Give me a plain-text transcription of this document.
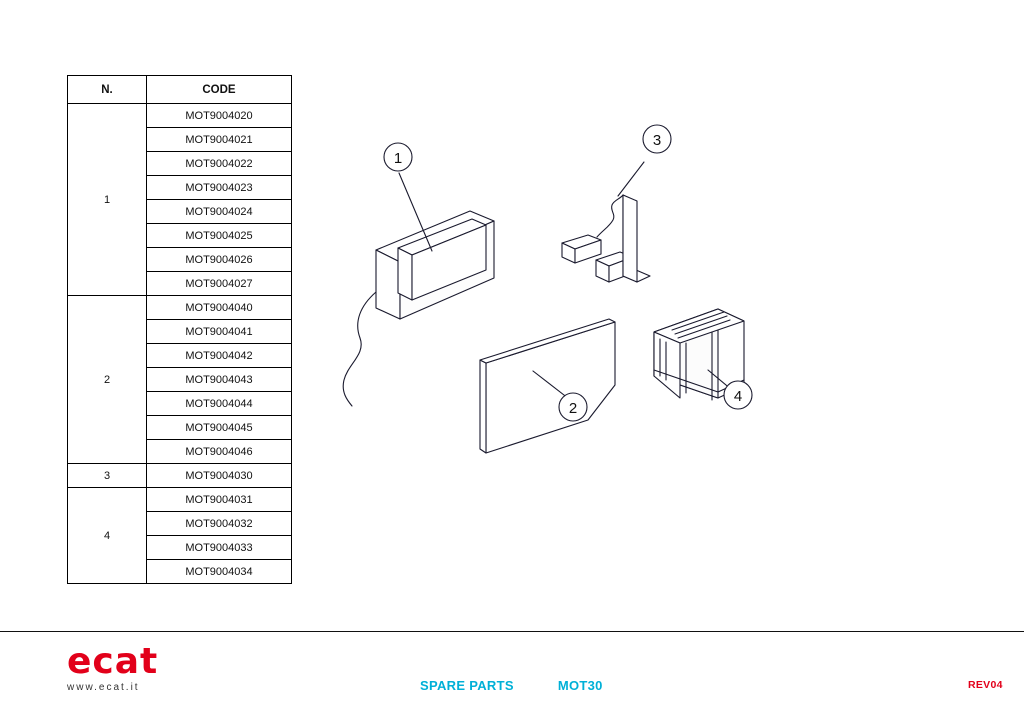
N.	CODE
1	MOT9004020
	MOT9004021
	MOT9004022
	MOT9004023
	MOT9004024
	MOT9004025
	MOT9004026
	MOT9004027
2	MOT9004040
	MOT9004041
	MOT9004042
	MOT9004043
	MOT9004044
	MOT9004045
	MOT9004046
3	MOT9004030
4	MOT9004031
	MOT9004032
	MOT9004033
	MOT9004034
1
2
3
4
ecat
www.ecat.it	SPARE PARTS	MOT30	REV04
